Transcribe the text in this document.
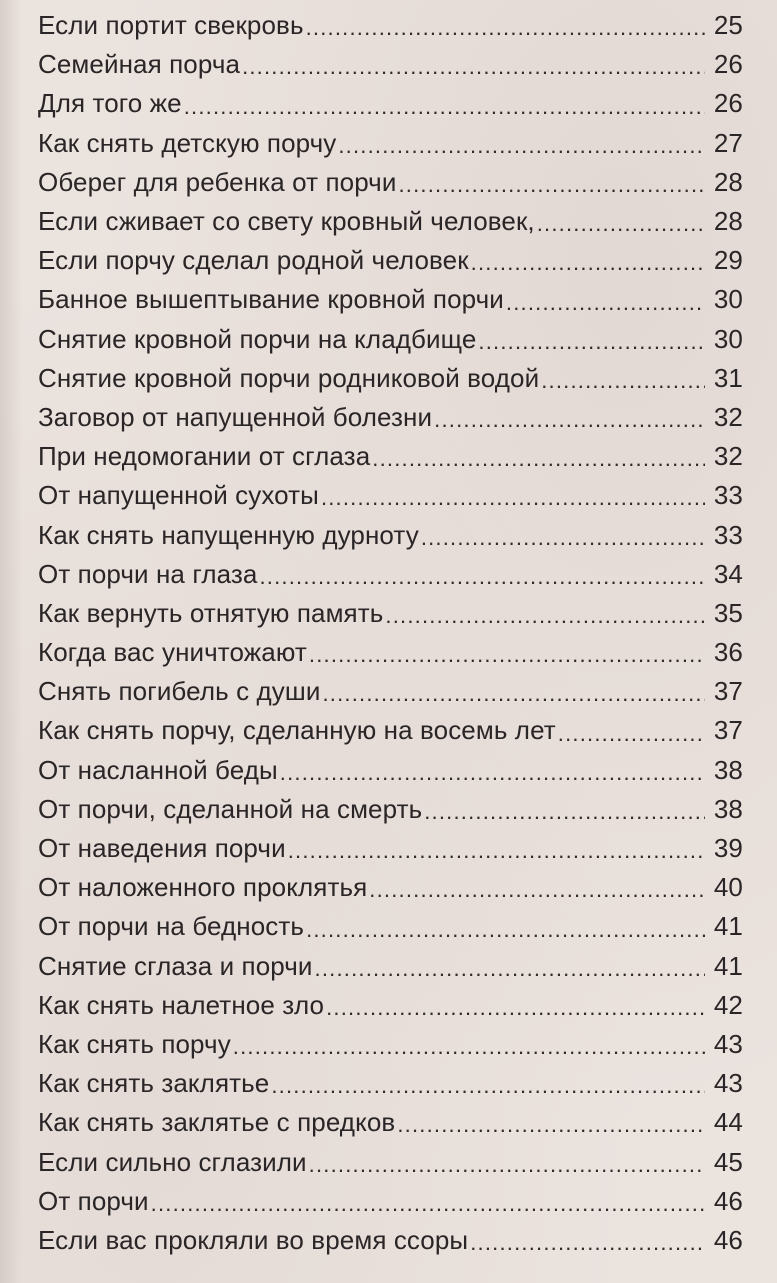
Если портит свекровь .....	25
Семейная порча .....	26
Для того же .....	26
Как снять детскую порчу .....	27
Оберег для ребенка от порчи .....	28
Если сживает со свету кровный человек, .....	28
Если порчу сделал родной человек .....	29
Банное вышептывание кровной порчи .....	30
Снятие кровной порчи на кладбище .....	30
Снятие кровной порчи родниковой водой .....	31
Заговор от напущенной болезни .....	32
При недомогании от сглаза .....	32
От напущенной сухоты .....	33
Как снять напущенную дурноту .....	33
От порчи на глаза .....	34
Как вернуть отнятую память .....	35
Когда вас уничтожают .....	36
Снять погибель с души .....	37
Как снять порчу, сделанную на восемь лет .....	37
От насланной беды .....	38
От порчи, сделанной на смерть .....	38
От наведения порчи .....	39
От наложенного проклятья .....	40
От порчи на бедность .....	41
Снятие сглаза и порчи .....	41
Как снять налетное зло .....	42
Как снять порчу .....	43
Как снять заклятье .....	43
Как снять заклятье с предков .....	44
Если сильно сглазили .....	45
От порчи .....	46
Если вас прокляли во время ссоры .....	46
